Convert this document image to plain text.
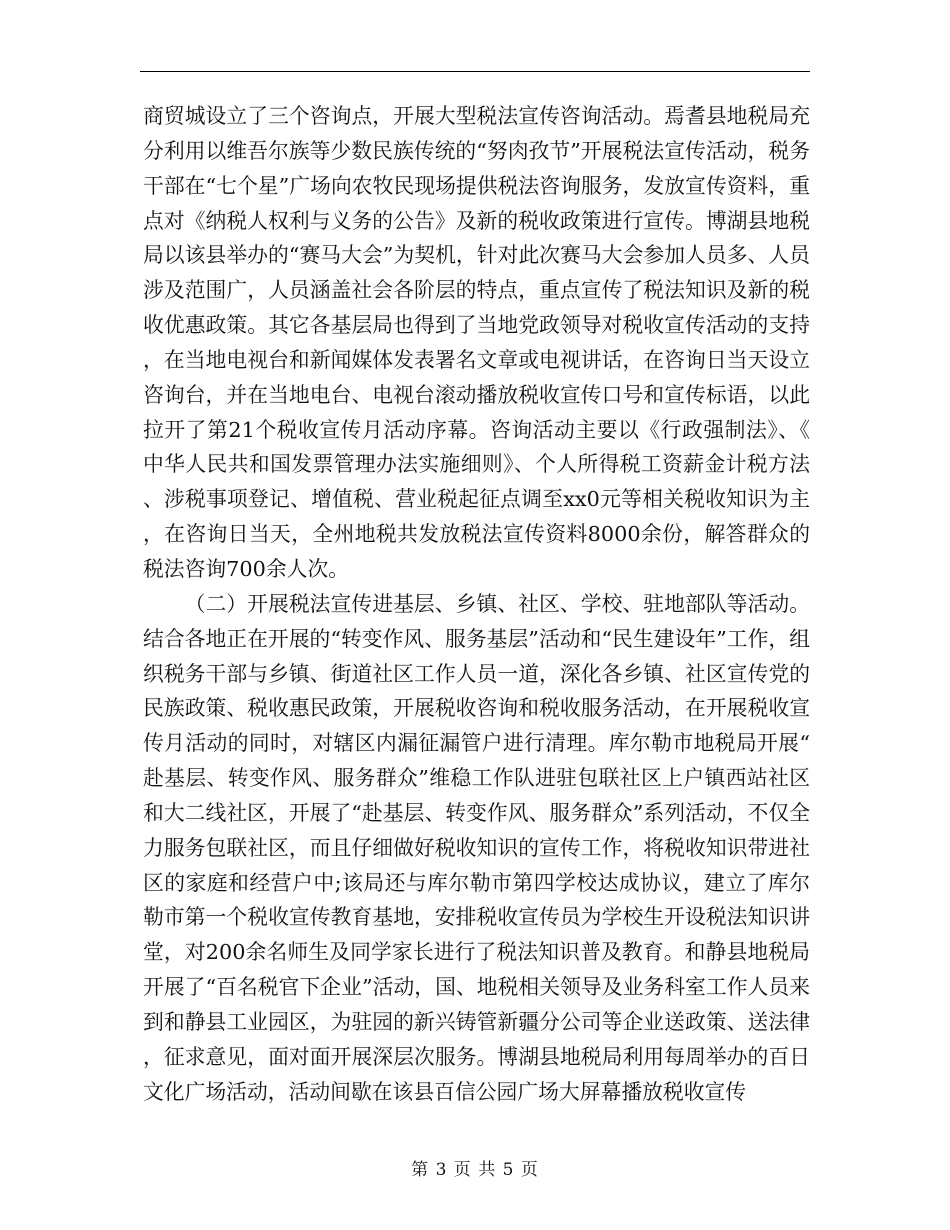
商贸城设立了三个咨询点，开展大型税法宣传咨询活动。焉耆县地税局充分利用以维吾尔族等少数民族传统的“努肉孜节”开展税法宣传活动，税务干部在“七个星”广场向农牧民现场提供税法咨询服务，发放宣传资料，重点对《纳税人权利与义务的公告》及新的税收政策进行宣传。博湖县地税局以该县举办的“赛马大会”为契机，针对此次赛马大会参加人员多、人员涉及范围广，人员涵盖社会各阶层的特点，重点宣传了税法知识及新的税收优惠政策。其它各基层局也得到了当地党政领导对税收宣传活动的支持，在当地电视台和新闻媒体发表署名文章或电视讲话，在咨询日当天设立咨询台，并在当地电台、电视台滚动播放税收宣传口号和宣传标语，以此拉开了第21个税收宣传月活动序幕。咨询活动主要以《行政强制法》、《中华人民共和国发票管理办法实施细则》、个人所得税工资薪金计税方法、涉税事项登记、增值税、营业税起征点调至xx0元等相关税收知识为主，在咨询日当天，全州地税共发放税法宣传资料8000余份，解答群众的税法咨询700余人次。

（二）开展税法宣传进基层、乡镇、社区、学校、驻地部队等活动。结合各地正在开展的“转变作风、服务基层”活动和“民生建设年”工作，组织税务干部与乡镇、街道社区工作人员一道，深化各乡镇、社区宣传党的民族政策、税收惠民政策，开展税收咨询和税收服务活动，在开展税收宣传月活动的同时，对辖区内漏征漏管户进行清理。库尔勒市地税局开展“赴基层、转变作风、服务群众”维稳工作队进驻包联社区上户镇西站社区和大二线社区，开展了“赴基层、转变作风、服务群众”系列活动，不仅全力服务包联社区，而且仔细做好税收知识的宣传工作，将税收知识带进社区的家庭和经营户中;该局还与库尔勒市第四学校达成协议，建立了库尔勒市第一个税收宣传教育基地，安排税收宣传员为学校生开设税法知识讲堂，对200余名师生及同学家长进行了税法知识普及教育。和静县地税局开展了“百名税官下企业”活动，国、地税相关领导及业务科室工作人员来到和静县工业园区，为驻园的新兴铸管新疆分公司等企业送政策、送法律，征求意见，面对面开展深层次服务。博湖县地税局利用每周举办的百日文化广场活动，活动间歇在该县百信公园广场大屏幕播放税收宣传

第 3 页 共 5 页
